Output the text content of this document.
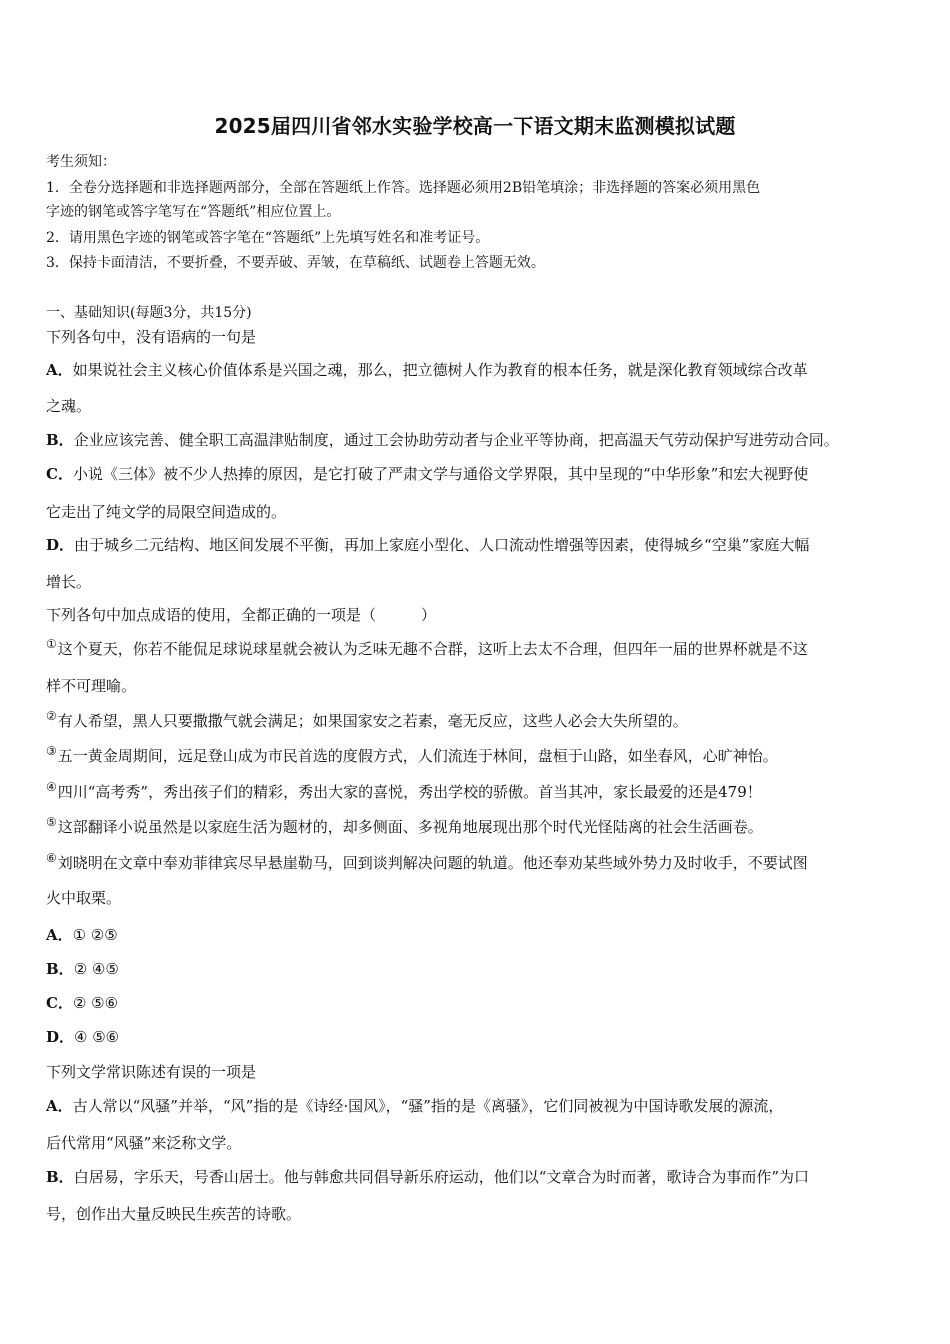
2025届四川省邻水实验学校高一下语文期末监测模拟试题
考生须知：
1．全卷分选择题和非选择题两部分，全部在答题纸上作答。选择题必须用2B铅笔填涂；非选择题的答案必须用黑色
字迹的钢笔或答字笔写在“答题纸”相应位置上。
2．请用黑色字迹的钢笔或答字笔在“答题纸”上先填写姓名和准考证号。
3．保持卡面清洁，不要折叠，不要弄破、弄皱，在草稿纸、试题卷上答题无效。
一、基础知识(每题3分，共15分)
下列各句中，没有语病的一句是
A．如果说社会主义核心价值体系是兴国之魂，那么，把立德树人作为教育的根本任务，就是深化教育领域综合改革
之魂。
B．企业应该完善、健全职工高温津贴制度，通过工会协助劳动者与企业平等协商，把高温天气劳动保护写进劳动合同。
C．小说《三体》被不少人热捧的原因，是它打破了严肃文学与通俗文学界限，其中呈现的“中华形象”和宏大视野使
它走出了纯文学的局限空间造成的。
D．由于城乡二元结构、地区间发展不平衡，再加上家庭小型化、人口流动性增强等因素，使得城乡“空巢”家庭大幅
增长。
下列各句中加点成语的使用，全都正确的一项是（　　　）
①这个夏天，你若不能侃足球说球星就会被认为乏味无趣不合群，这听上去太不合理，但四年一届的世界杯就是不这
样不可理喻。
②有人希望，黑人只要撒撒气就会满足；如果国家安之若素，毫无反应，这些人必会大失所望的。
③五一黄金周期间，远足登山成为市民首选的度假方式，人们流连于林间，盘桓于山路，如坐春风，心旷神怡。
④四川“高考秀”，秀出孩子们的精彩，秀出大家的喜悦，秀出学校的骄傲。首当其冲，家长最爱的还是479！
⑤这部翻译小说虽然是以家庭生活为题材的，却多侧面、多视角地展现出那个时代光怪陆离的社会生活画卷。
⑥刘晓明在文章中奉劝菲律宾尽早悬崖勒马，回到谈判解决问题的轨道。他还奉劝某些域外势力及时收手，不要试图
火中取栗。
A．① ②⑤
B．② ④⑤
C．② ⑤⑥
D．④ ⑤⑥
下列文学常识陈述有误的一项是
A．古人常以“风骚”并举，“风”指的是《诗经·国风》，“骚”指的是《离骚》，它们同被视为中国诗歌发展的源流，
后代常用“风骚”来泛称文学。
B．白居易，字乐天，号香山居士。他与韩愈共同倡导新乐府运动，他们以“文章合为时而著，歌诗合为事而作”为口
号，创作出大量反映民生疾苦的诗歌。
